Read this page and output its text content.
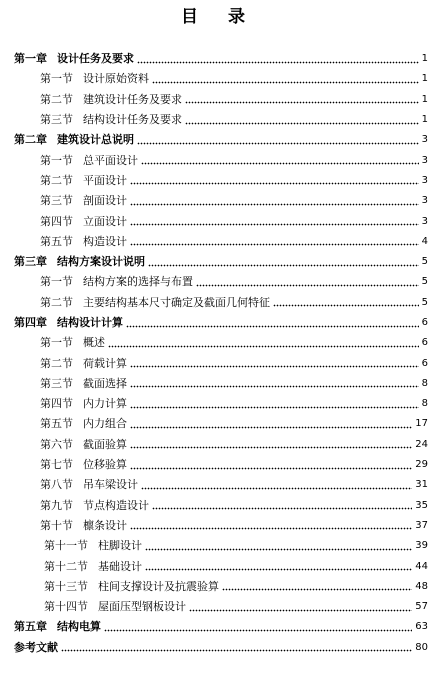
目 录
第一章 设计任务及要求	1
第一节 设计原始资料	1
第二节 建筑设计任务及要求	1
第三节 结构设计任务及要求	1
第二章 建筑设计总说明	3
第一节 总平面设计	3
第二节 平面设计	3
第三节 剖面设计	3
第四节 立面设计	3
第五节 构造设计	4
第三章 结构方案设计说明	5
第一节 结构方案的选择与布置	5
第二节 主要结构基本尺寸确定及截面几何特征	5
第四章 结构设计计算	6
第一节 概述	6
第二节 荷载计算	6
第三节 截面选择	8
第四节 内力计算	8
第五节 内力组合	17
第六节 截面验算	24
第七节 位移验算	29
第八节 吊车梁设计	31
第九节 节点构造设计	35
第十节 檩条设计	37
第十一节 柱脚设计	39
第十二节 基础设计	44
第十三节 柱间支撑设计及抗震验算	48
第十四节 屋面压型钢板设计	57
第五章 结构电算	63
参考文献	80
